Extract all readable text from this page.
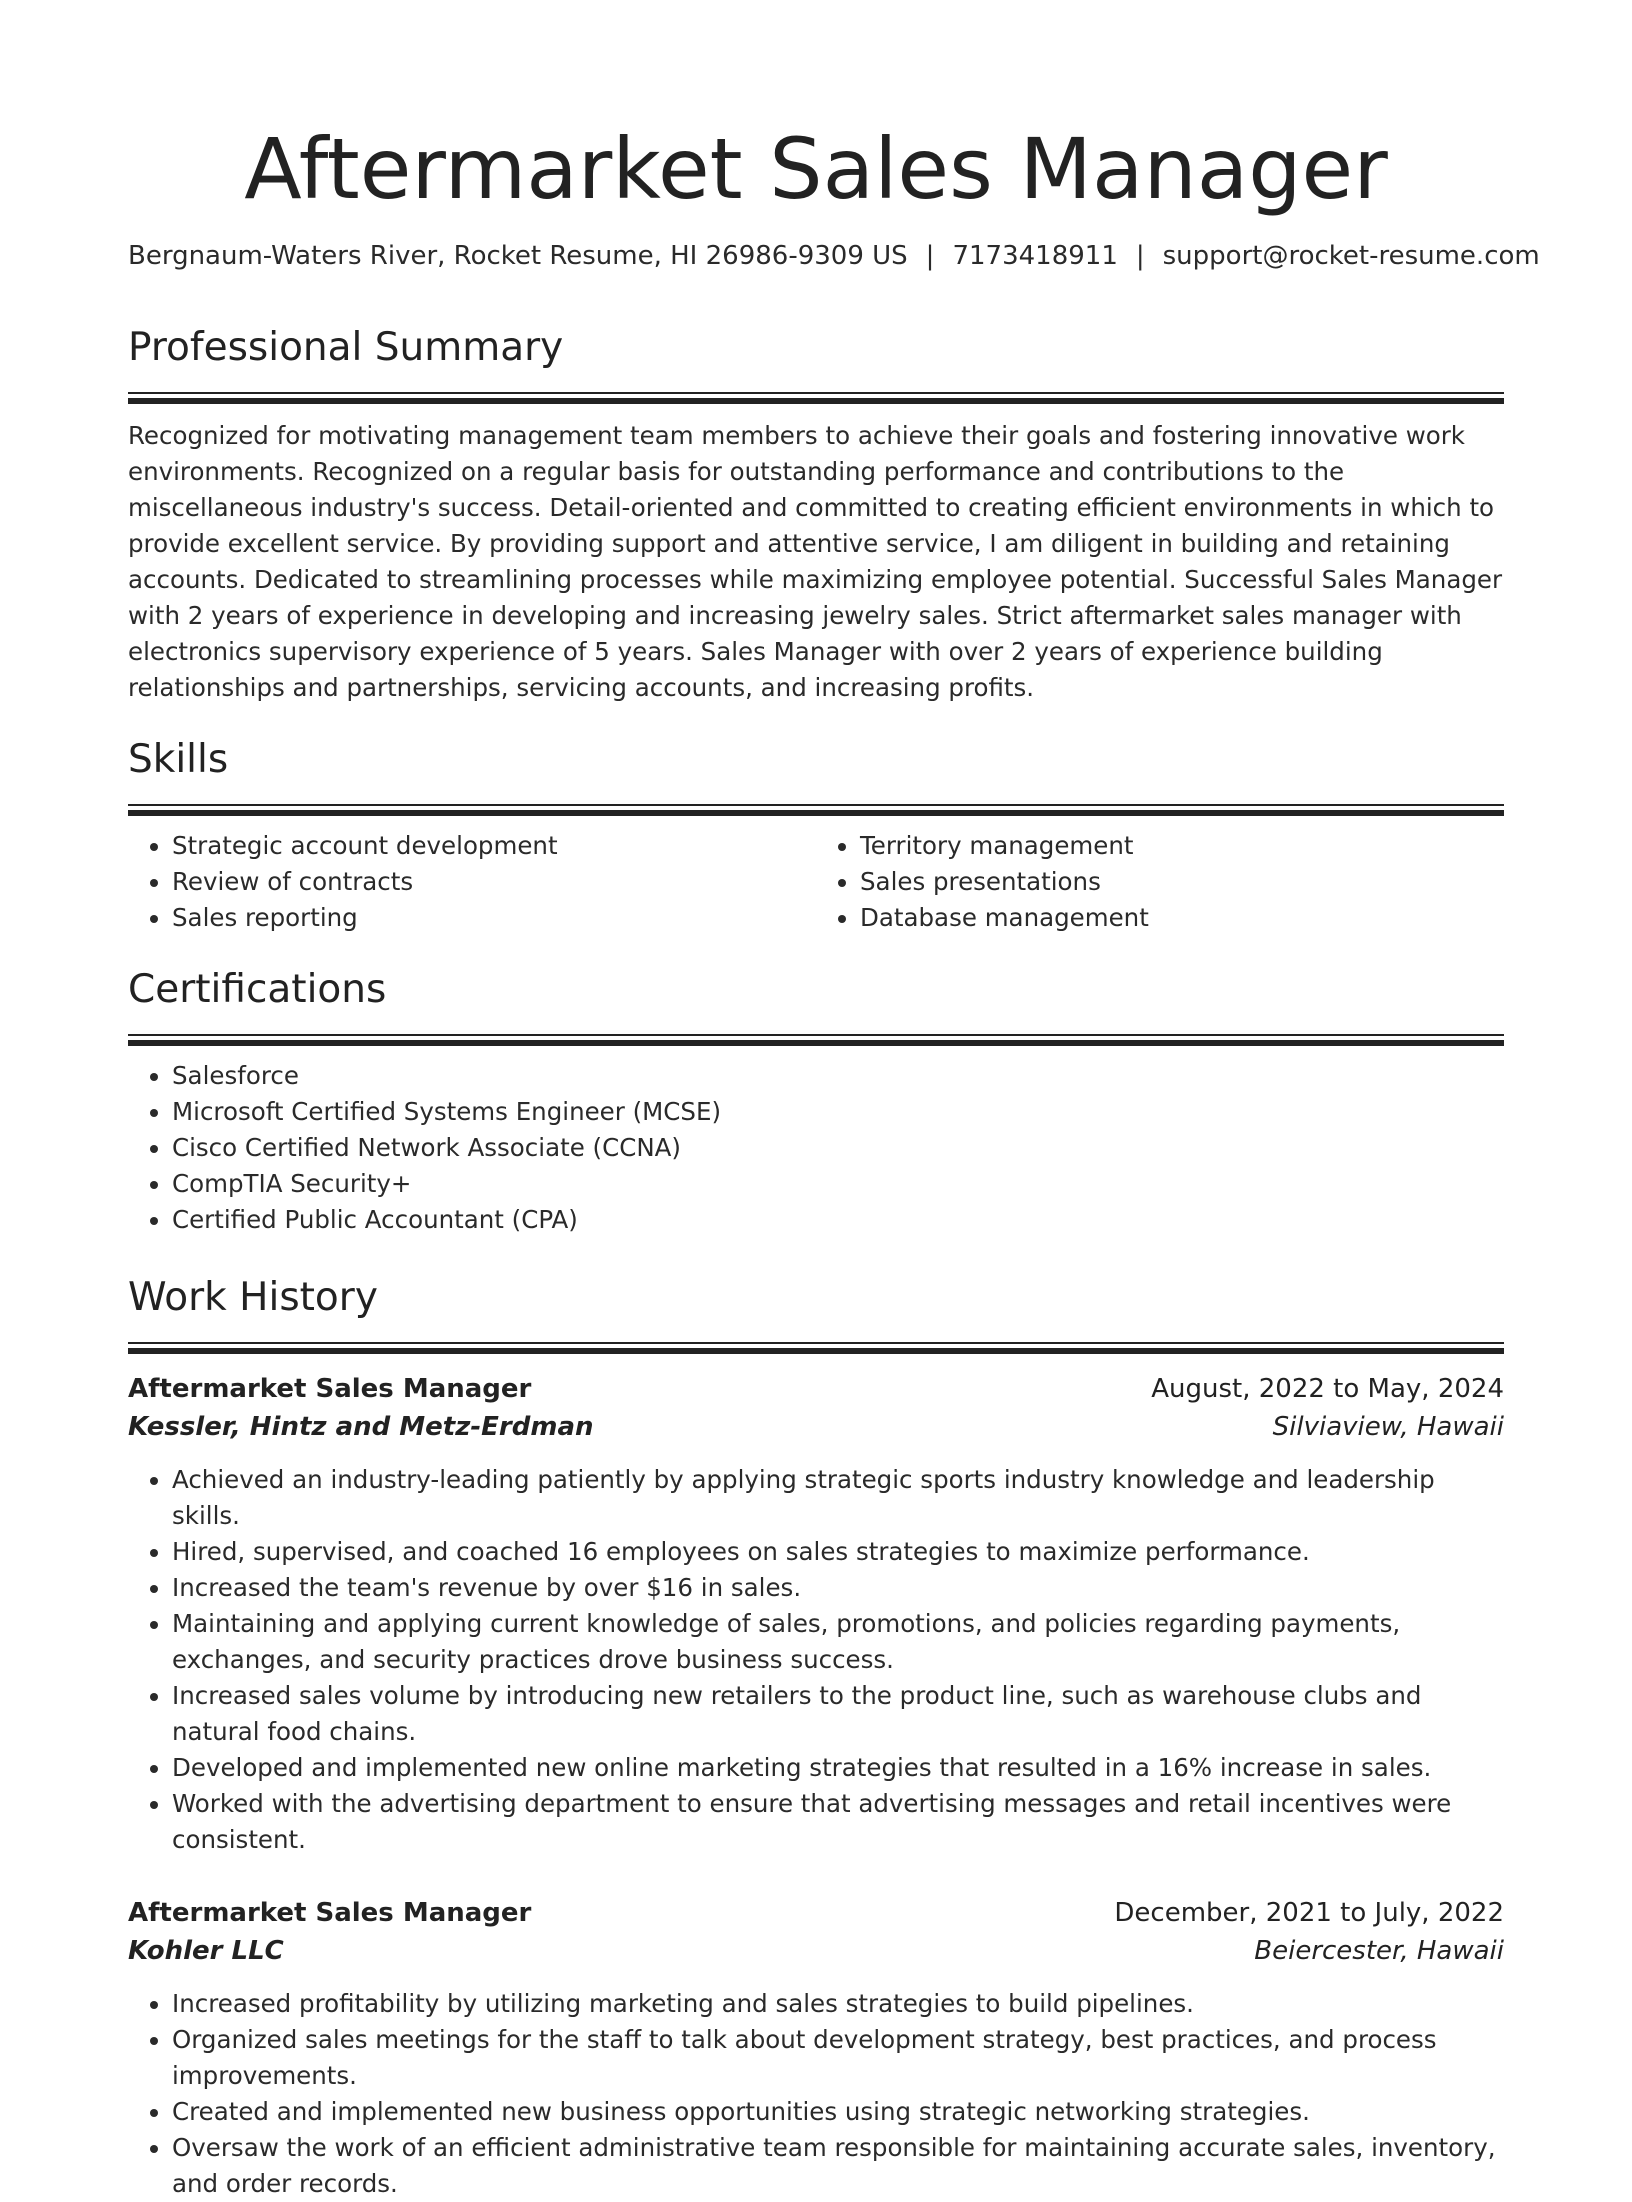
Aftermarket Sales Manager
Bergnaum-Waters River, Rocket Resume, HI 26986-9309 US | 7173418911 | support@rocket-resume.com
Professional Summary
Recognized for motivating management team members to achieve their goals and fostering innovative work environments. Recognized on a regular basis for outstanding performance and contributions to the miscellaneous industry's success. Detail-oriented and committed to creating efficient environments in which to provide excellent service. By providing support and attentive service, I am diligent in building and retaining accounts. Dedicated to streamlining processes while maximizing employee potential. Successful Sales Manager with 2 years of experience in developing and increasing jewelry sales. Strict aftermarket sales manager with electronics supervisory experience of 5 years. Sales Manager with over 2 years of experience building relationships and partnerships, servicing accounts, and increasing profits.
Skills
• Strategic account development
• Review of contracts
• Sales reporting
• Territory management
• Sales presentations
• Database management
Certifications
• Salesforce
• Microsoft Certified Systems Engineer (MCSE)
• Cisco Certified Network Associate (CCNA)
• CompTIA Security+
• Certified Public Accountant (CPA)
Work History
Aftermarket Sales Manager	August, 2022 to May, 2024
Kessler, Hintz and Metz-Erdman	Silviaview, Hawaii
• Achieved an industry-leading patiently by applying strategic sports industry knowledge and leadership skills.
• Hired, supervised, and coached 16 employees on sales strategies to maximize performance.
• Increased the team's revenue by over $16 in sales.
• Maintaining and applying current knowledge of sales, promotions, and policies regarding payments, exchanges, and security practices drove business success.
• Increased sales volume by introducing new retailers to the product line, such as warehouse clubs and natural food chains.
• Developed and implemented new online marketing strategies that resulted in a 16% increase in sales.
• Worked with the advertising department to ensure that advertising messages and retail incentives were consistent.
Aftermarket Sales Manager	December, 2021 to July, 2022
Kohler LLC	Beiercester, Hawaii
• Increased profitability by utilizing marketing and sales strategies to build pipelines.
• Organized sales meetings for the staff to talk about development strategy, best practices, and process improvements.
• Created and implemented new business opportunities using strategic networking strategies.
• Oversaw the work of an efficient administrative team responsible for maintaining accurate sales, inventory, and order records.
